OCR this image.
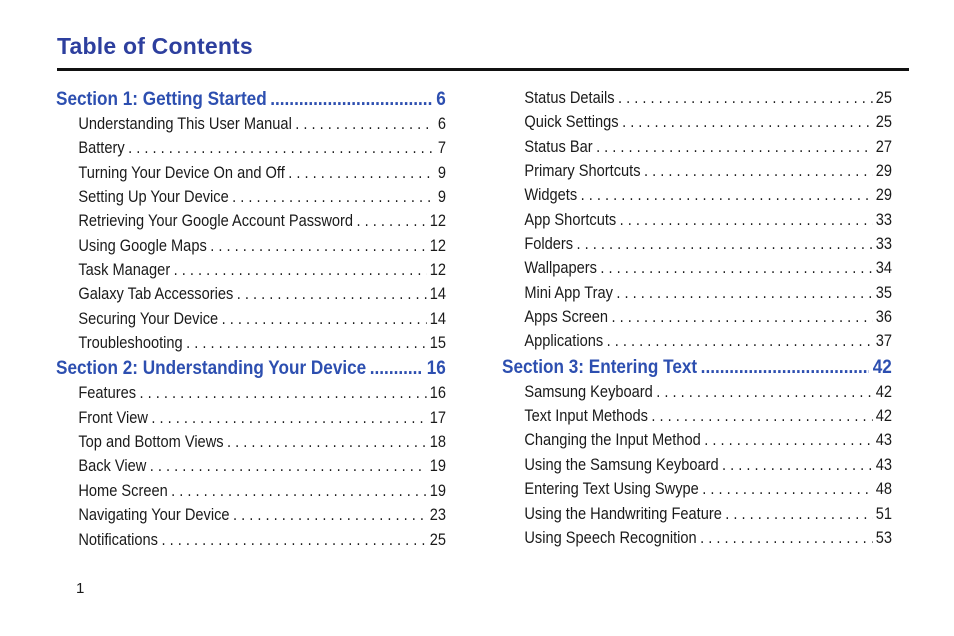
Table of Contents
Section 1: Getting Started .....	6
Understanding This User Manual . . .	6
Battery . . .	7
Turning Your Device On and Off . . .	9
Setting Up Your Device . . .	9
Retrieving Your Google Account Password . . .	12
Using Google Maps . . .	12
Task Manager . . .	12
Galaxy Tab Accessories . . .	14
Securing Your Device . . .	14
Troubleshooting . . .	15
Section 2: Understanding Your Device .....	16
Features . . .	16
Front View . . .	17
Top and Bottom Views . . .	18
Back View . . .	19
Home Screen . . .	19
Navigating Your Device . . .	23
Notifications . . .	25
Status Details . . .	25
Quick Settings . . .	25
Status Bar . . .	27
Primary Shortcuts . . .	29
Widgets . . .	29
App Shortcuts . . .	33
Folders . . .	33
Wallpapers . . .	34
Mini App Tray . . .	35
Apps Screen . . .	36
Applications . . .	37
Section 3: Entering Text .....	42
Samsung Keyboard . . .	42
Text Input Methods . . .	42
Changing the Input Method . . .	43
Using the Samsung Keyboard . . .	43
Entering Text Using Swype . . .	48
Using the Handwriting Feature . . .	51
Using Speech Recognition . . .	53
1
